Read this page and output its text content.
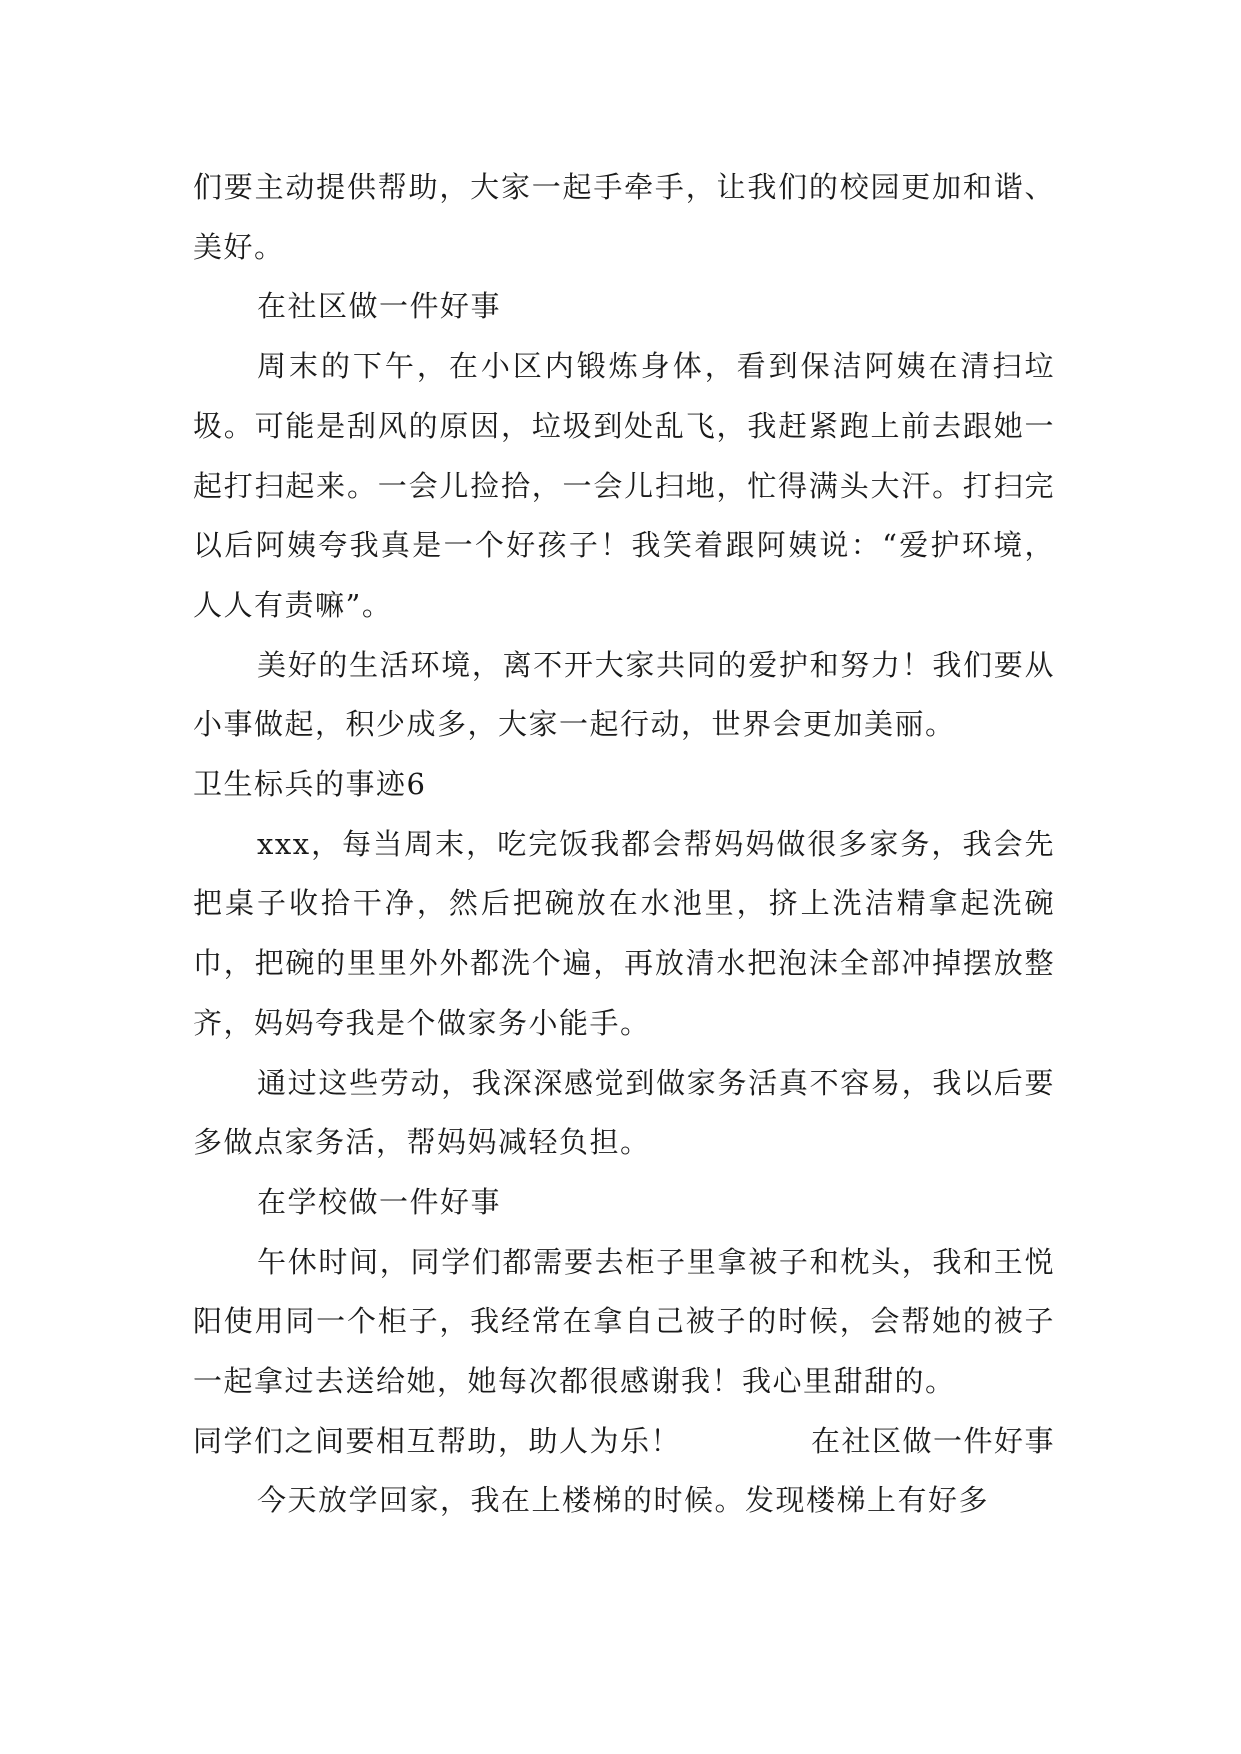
们要主动提供帮助，大家一起手牵手，让我们的校园更加和谐、美好。

在社区做一件好事

周末的下午，在小区内锻炼身体，看到保洁阿姨在清扫垃圾。可能是刮风的原因，垃圾到处乱飞，我赶紧跑上前去跟她一起打扫起来。一会儿捡拾，一会儿扫地，忙得满头大汗。打扫完以后阿姨夸我真是一个好孩子！我笑着跟阿姨说：“爱护环境，人人有责嘛”。

美好的生活环境，离不开大家共同的爱护和努力！我们要从小事做起，积少成多，大家一起行动，世界会更加美丽。

卫生标兵的事迹6

xxx，每当周末，吃完饭我都会帮妈妈做很多家务，我会先把桌子收拾干净，然后把碗放在水池里，挤上洗洁精拿起洗碗巾，把碗的里里外外都洗个遍，再放清水把泡沫全部冲掉摆放整齐，妈妈夸我是个做家务小能手。

通过这些劳动，我深深感觉到做家务活真不容易，我以后要多做点家务活，帮妈妈减轻负担。

在学校做一件好事

午休时间，同学们都需要去柜子里拿被子和枕头，我和王悦阳使用同一个柜子，我经常在拿自己被子的时候，会帮她的被子一起拿过去送给她，她每次都很感谢我！我心里甜甜的。

同学们之间要相互帮助，助人为乐！	在社区做一件好事

今天放学回家，我在上楼梯的时候。发现楼梯上有好多
